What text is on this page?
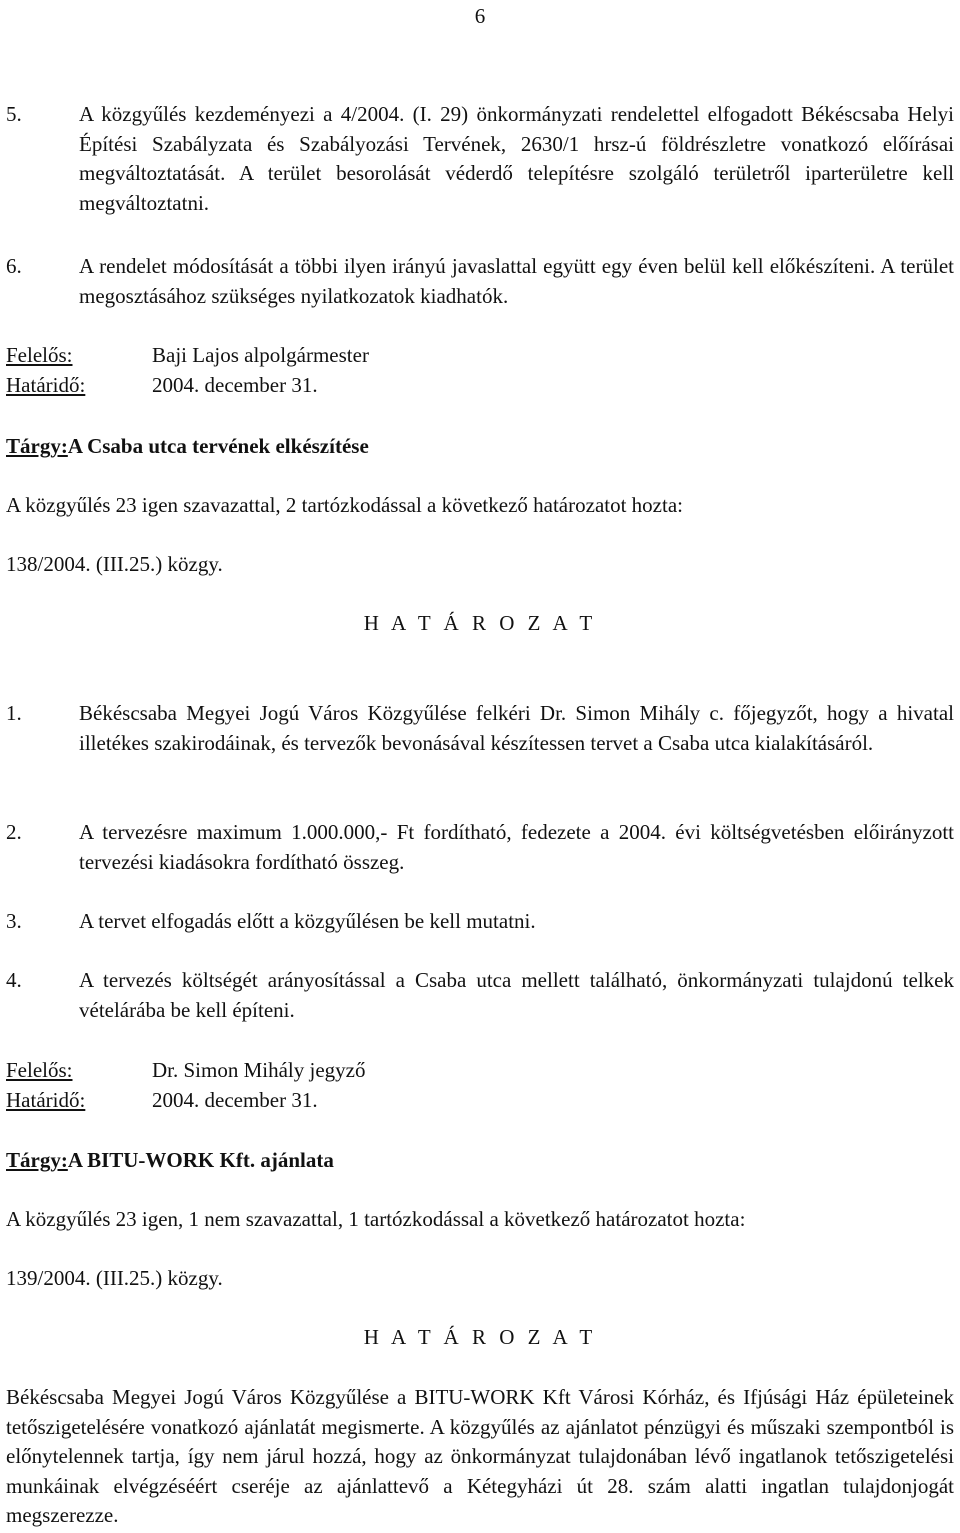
6
5.	A közgyűlés kezdeményezi a 4/2004. (I. 29) önkormányzati rendelettel elfogadott Békéscsaba Helyi Építési Szabályzata és Szabályozási Tervének, 2630/1 hrsz-ú földrészletre vonatkozó előírásai megváltoztatását. A terület besorolását véderdő telepítésre szolgáló területről iparterületre kell megváltoztatni.
6.	A rendelet módosítását a többi ilyen irányú javaslattal együtt egy éven belül kell előkészíteni. A terület megosztásához szükséges nyilatkozatok kiadhatók.
Felelős:	Baji Lajos alpolgármester
Határidő:	2004. december 31.
Tárgy:A Csaba utca tervének elkészítése
A közgyűlés 23 igen szavazattal, 2 tartózkodással a következő határozatot hozta:
138/2004. (III.25.) közgy.
H A T Á R O Z A T
1.	Békéscsaba Megyei Jogú Város Közgyűlése felkéri Dr. Simon Mihály c. főjegyzőt, hogy a hivatal illetékes szakirodáinak, és tervezők bevonásával készítessen tervet a Csaba utca kialakításáról.
2.	A tervezésre maximum 1.000.000,- Ft fordítható, fedezete a 2004. évi költségvetésben előirányzott tervezési kiadásokra fordítható összeg.
3.	A tervet elfogadás előtt a közgyűlésen be kell mutatni.
4.	A tervezés költségét arányosítással a Csaba utca mellett található, önkormányzati tulajdonú telkek vételárába be kell építeni.
Felelős:	Dr. Simon Mihály jegyző
Határidő:	2004. december 31.
Tárgy:A BITU-WORK Kft. ajánlata
A közgyűlés 23 igen, 1 nem szavazattal, 1 tartózkodással a következő határozatot hozta:
139/2004. (III.25.) közgy.
H A T Á R O Z A T
Békéscsaba Megyei Jogú Város Közgyűlése a BITU-WORK Kft Városi Kórház, és Ifjúsági Ház épületeinek tetőszigetelésére vonatkozó ajánlatát megismerte. A közgyűlés az ajánlatot pénzügyi és műszaki szempontból is előnytelennek tartja, így nem járul hozzá, hogy az önkormányzat tulajdonában lévő ingatlanok tetőszigetelési munkáinak elvégzéséért cseréje az ajánlattevő a Kétegyházi út 28. szám alatti ingatlan tulajdonjogát megszerezze.
